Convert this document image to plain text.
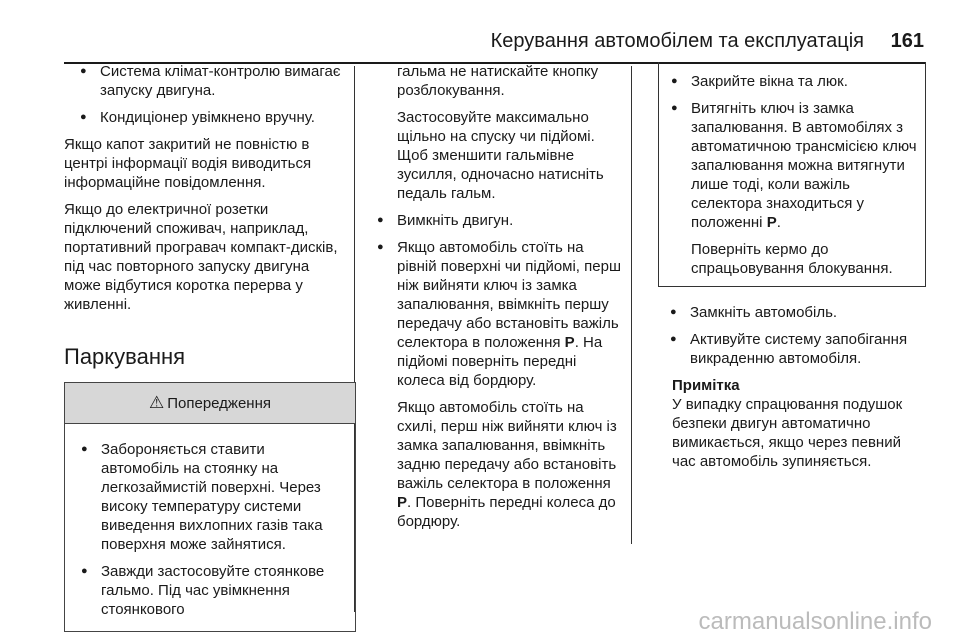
Керування автомобілем та експлуатація 161
● Система клімат-контролю вимагає запуску двигуна.
● Кондиціонер увімкнено вручну.

Якщо капот закритий не повністю в центрі інформації водія виводиться інформаційне повідомлення.

Якщо до електричної розетки підключений споживач, наприклад, портативний програвач компакт-дисків, під час повторного запуску двигуна може відбутися коротка перерва у живленні.

Паркування
⚠ Попередження
● Забороняється ставити автомобіль на стоянку на легкозаймистій поверхні. Через високу температуру системи виведення вихлопних газів така поверхня може зайнятися.
● Завжди застосовуйте стоянкове гальмо. Під час увімкнення стоянкового

гальма не натискайте кнопку розблокування.

Застосовуйте максимально щільно на спуску чи підйомі. Щоб зменшити гальмівне зусилля, одночасно натисніть педаль гальм.

● Вимкніть двигун.
● Якщо автомобіль стоїть на рівній поверхні чи підйомі, перш ніж вийняти ключ із замка запалювання, ввімкніть першу передачу або встановіть важіль селектора в положення P. На підйомі поверніть передні колеса від бордюру.

Якщо автомобіль стоїть на схилі, перш ніж вийняти ключ із замка запалювання, ввімкніть задню передачу або встановіть важіль селектора в положення P. Поверніть передні колеса до бордюру.

● Закрийте вікна та люк.
● Витягніть ключ із замка запалювання. В автомобілях з автоматичною трансмісією ключ запалювання можна витягнути лише тоді, коли важіль селектора знаходиться у положенні P.

Поверніть кермо до спрацьовування блокування.

● Замкніть автомобіль.
● Активуйте систему запобігання викраденню автомобіля.
Примітка
У випадку спрацювання подушок безпеки двигун автоматично вимикається, якщо через певний час автомобіль зупиняється.
carmanualsonline.info
